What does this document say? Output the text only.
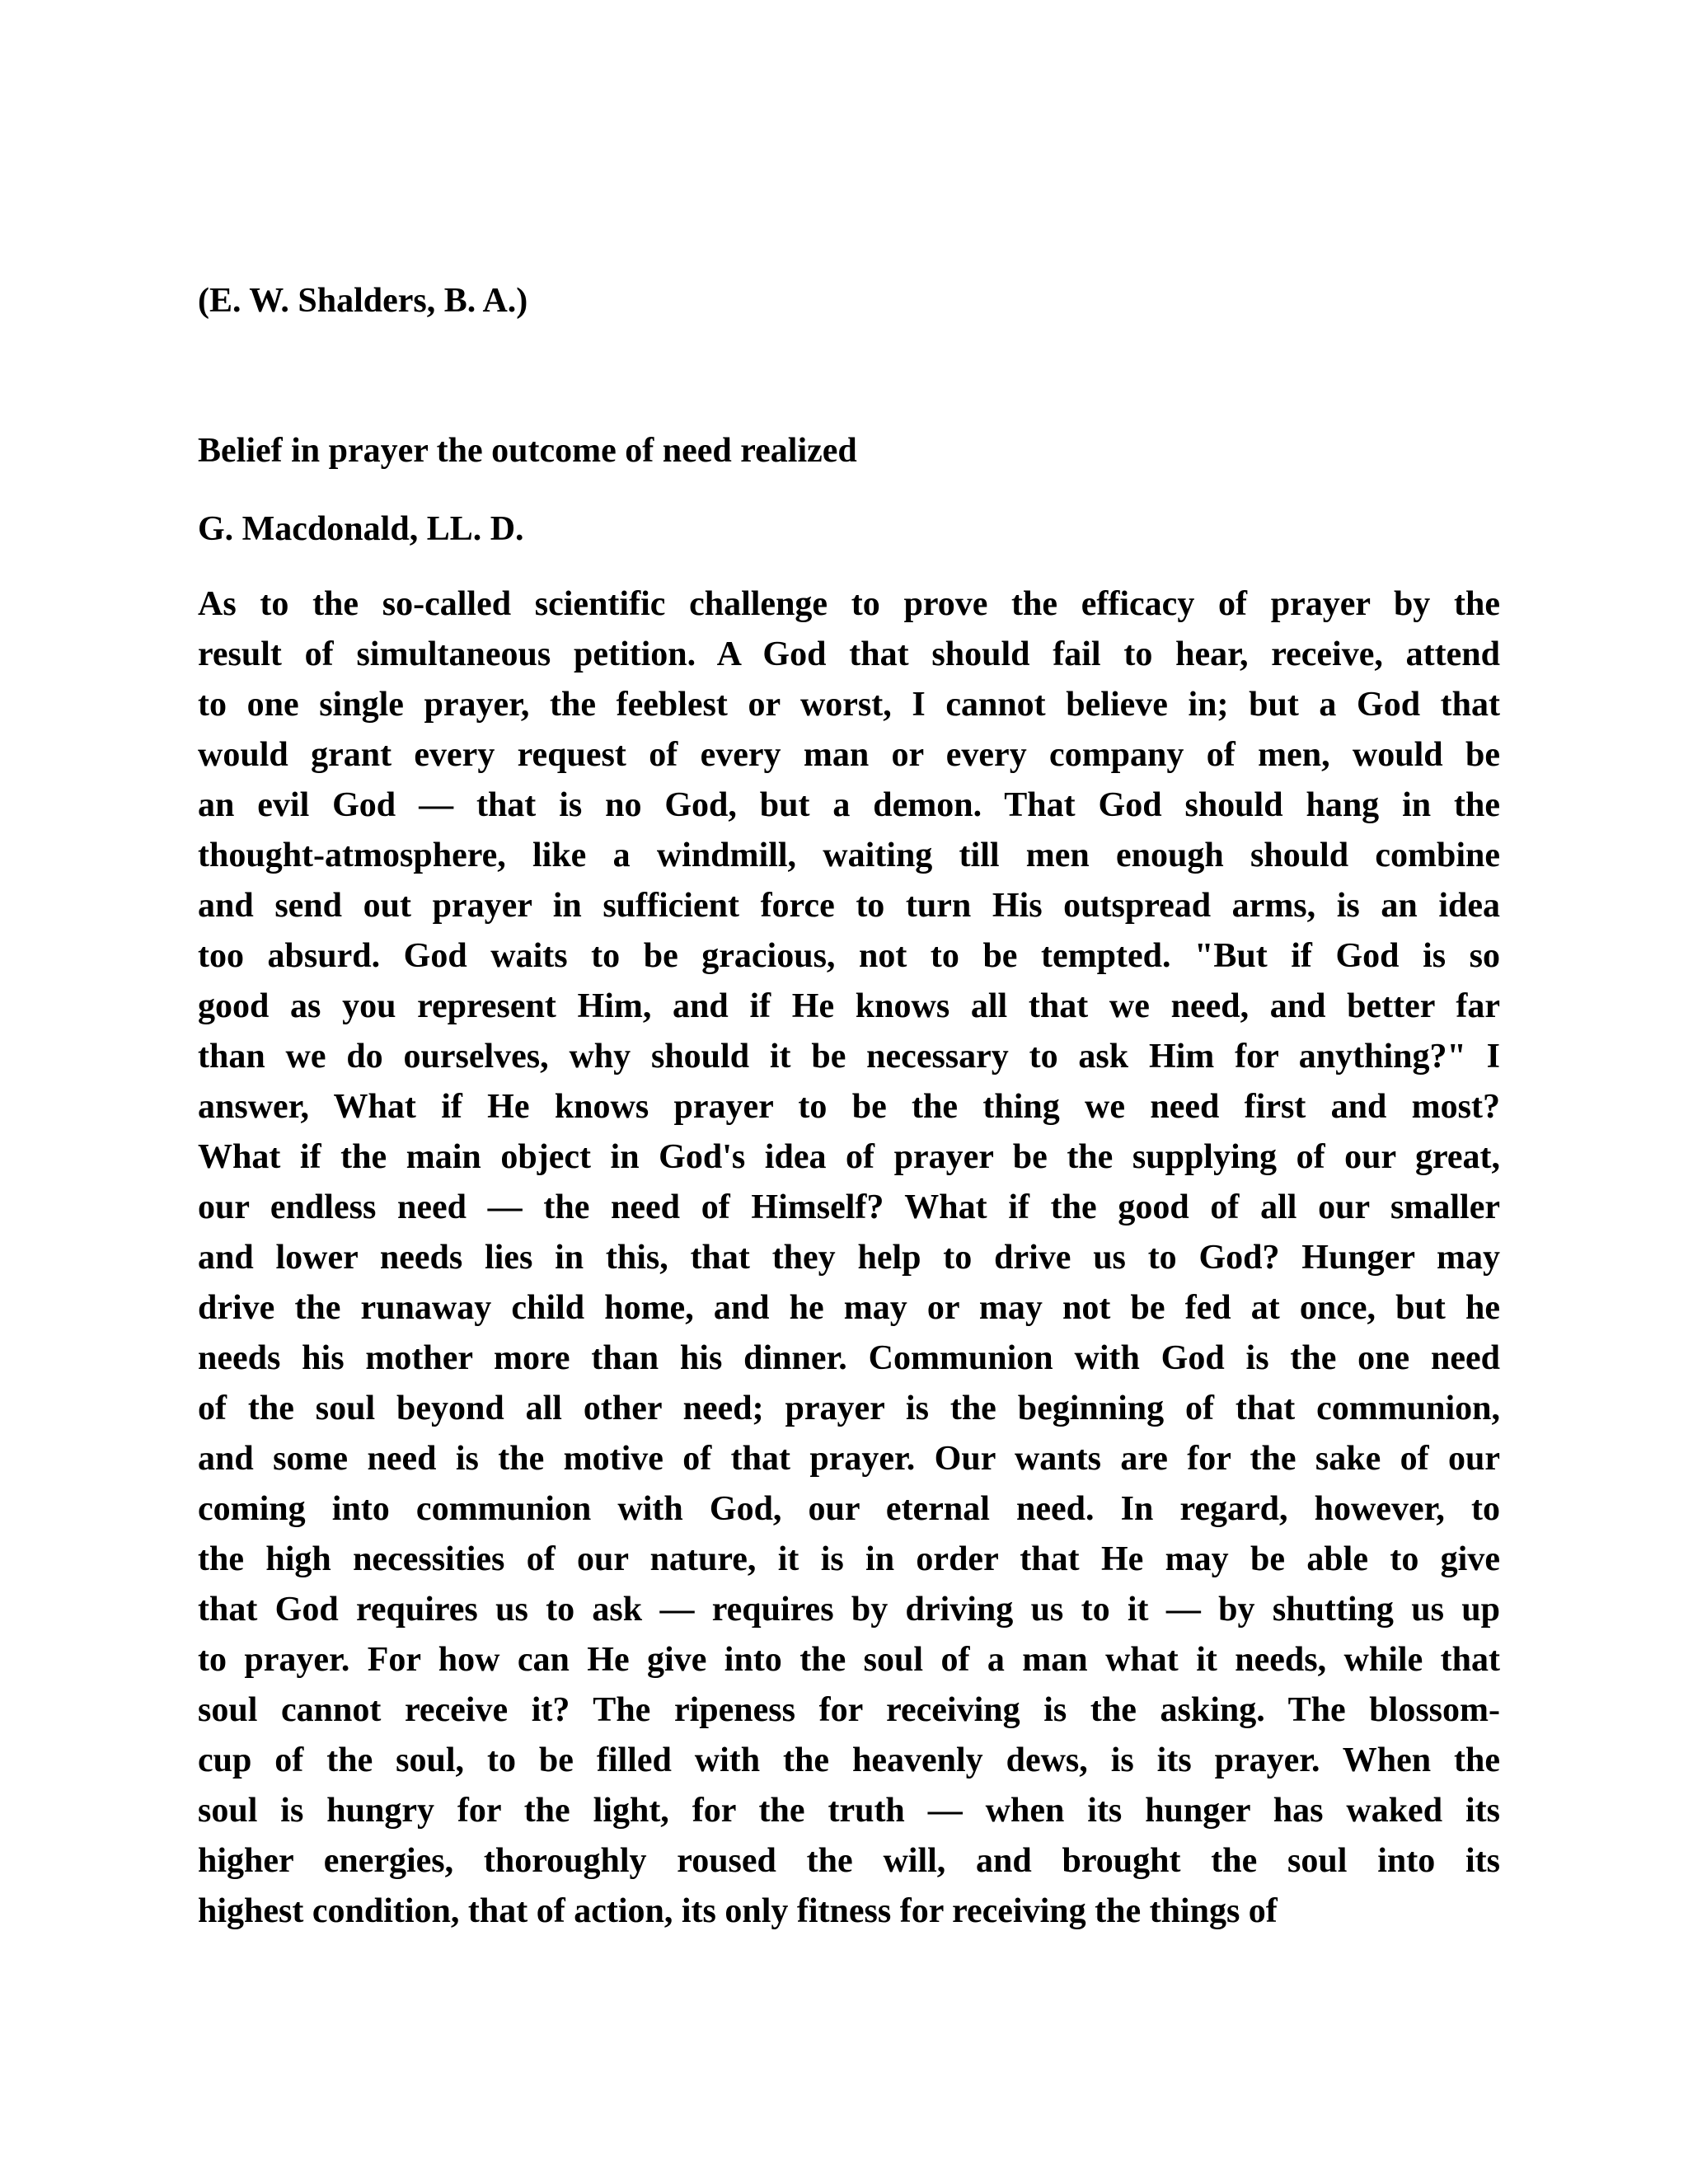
(E. W. Shalders, B. A.)

Belief in prayer the outcome of need realized

G. Macdonald, LL. D.

As to the so-called scientific challenge to prove the efficacy of prayer by the
result of simultaneous petition. A God that should fail to hear, receive, attend
to one single prayer, the feeblest or worst, I cannot believe in; but a God that
would grant every request of every man or every company of men, would be
an evil God — that is no God, but a demon. That God should hang in the
thought-atmosphere, like a windmill, waiting till men enough should combine
and send out prayer in sufficient force to turn His outspread arms, is an idea
too absurd. God waits to be gracious, not to be tempted. "But if God is so
good as you represent Him, and if He knows all that we need, and better far
than we do ourselves, why should it be necessary to ask Him for anything?" I
answer, What if He knows prayer to be the thing we need first and most?
What if the main object in God's idea of prayer be the supplying of our great,
our endless need — the need of Himself? What if the good of all our smaller
and lower needs lies in this, that they help to drive us to God? Hunger may
drive the runaway child home, and he may or may not be fed at once, but he
needs his mother more than his dinner. Communion with God is the one need
of the soul beyond all other need; prayer is the beginning of that communion,
and some need is the motive of that prayer. Our wants are for the sake of our
coming into communion with God, our eternal need. In regard, however, to
the high necessities of our nature, it is in order that He may be able to give
that God requires us to ask — requires by driving us to it — by shutting us up
to prayer. For how can He give into the soul of a man what it needs, while that
soul cannot receive it? The ripeness for receiving is the asking. The blossom-
cup of the soul, to be filled with the heavenly dews, is its prayer. When the
soul is hungry for the light, for the truth — when its hunger has waked its
higher energies, thoroughly roused the will, and brought the soul into its
highest condition, that of action, its only fitness for receiving the things of
